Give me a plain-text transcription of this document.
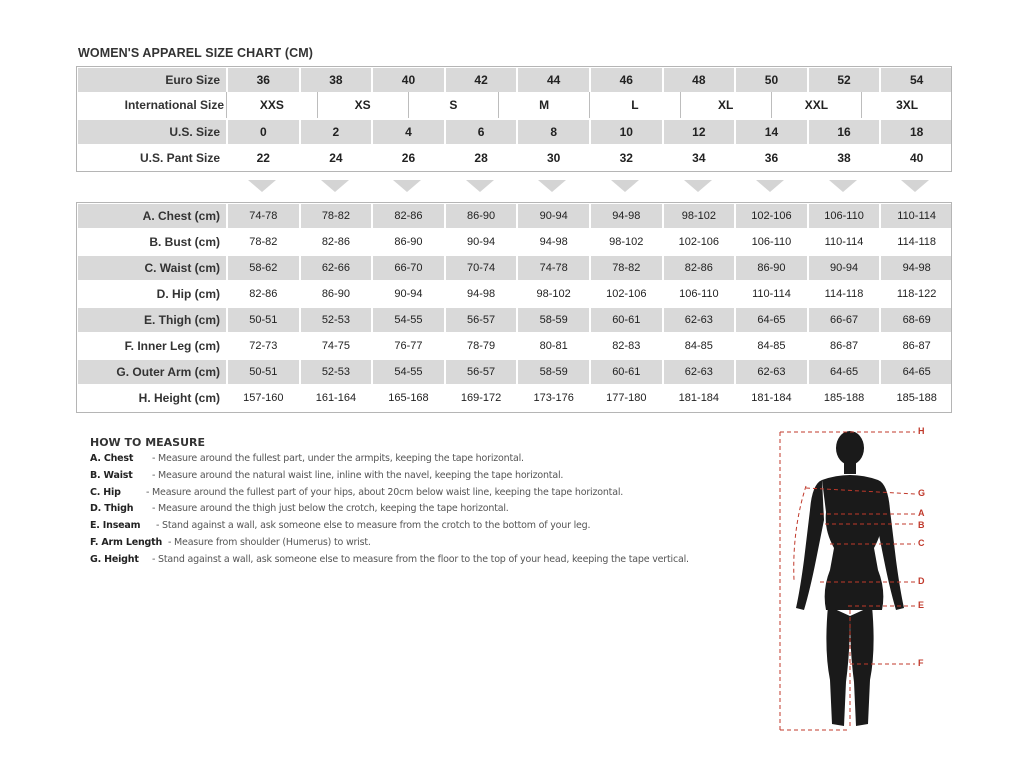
WOMEN'S APPAREL SIZE CHART (CM)
Euro Size	36	38	40	42	44	46	48	50	52	54

U.S. Size	0	2	4	6	8	10	12	14	16	18
U.S. Pant Size	22	24	26	28	30	32	34	36	38	40
International Size	XXS	XS	S	M	L	XL	XXL	3XL
A. Chest (cm)	74-78	78-82	82-86	86-90	90-94	94-98	98-102	102-106	106-110	110-114
B. Bust (cm)	78-82	82-86	86-90	90-94	94-98	98-102	102-106	106-110	110-114	114-118
C. Waist (cm)	58-62	62-66	66-70	70-74	74-78	78-82	82-86	86-90	90-94	94-98
D. Hip (cm)	82-86	86-90	90-94	94-98	98-102	102-106	106-110	110-114	114-118	118-122
E. Thigh (cm)	50-51	52-53	54-55	56-57	58-59	60-61	62-63	64-65	66-67	68-69
F. Inner Leg (cm)	72-73	74-75	76-77	78-79	80-81	82-83	84-85	84-85	86-87	86-87
G. Outer Arm (cm)	50-51	52-53	54-55	56-57	58-59	60-61	62-63	62-63	64-65	64-65
H. Height (cm)	157-160	161-164	165-168	169-172	173-176	177-180	181-184	181-184	185-188	185-188
HOW TO MEASURE
A. Chest - Measure around the fullest part, under the armpits, keeping the tape horizontal.
B. Waist - Measure around the natural waist line, inline with the navel, keeping the tape horizontal.
C. Hip	- Measure around the fullest part of your hips, about 20cm below waist line, keeping the tape horizontal.
D. Thigh - Measure around the thigh just below the crotch, keeping the tape horizontal.
E. Inseam - Stand against a wall, ask someone else to measure from the crotch to the bottom of your leg.
F. Arm Length - Measure from shoulder (Humerus) to wrist.
G. Height - Stand against a wall, ask someone else to measure from the floor to the top of your head, keeping the tape vertical.
H
G
A
B
C
D
E
F
